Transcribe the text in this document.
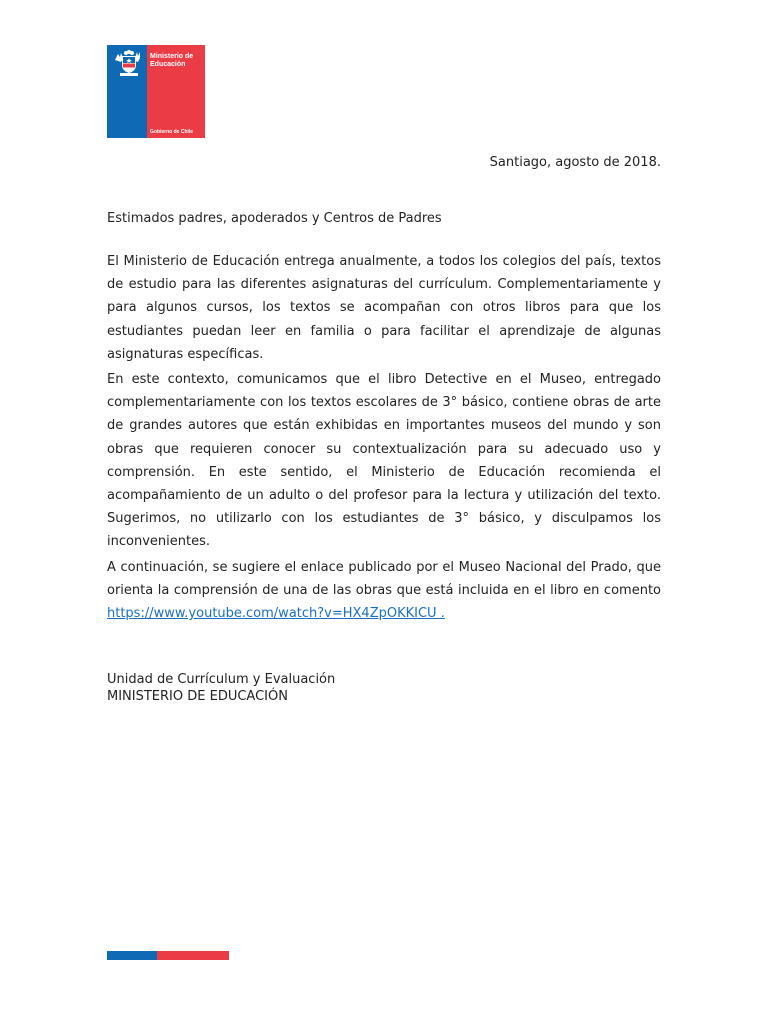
Ministerio de
Educación
Gobierno de Chile
Santiago, agosto de 2018.
Estimados padres, apoderados y Centros de Padres

El Ministerio de Educación entrega anualmente, a todos los colegios del país, textos de estudio para las diferentes asignaturas del currículum. Complementariamente y para algunos cursos, los textos se acompañan con otros libros para que los estudiantes puedan leer en familia o para facilitar el aprendizaje de algunas asignaturas específicas.

En este contexto, comunicamos que el libro Detective en el Museo, entregado complementariamente con los textos escolares de 3° básico, contiene obras de arte de grandes autores que están exhibidas en importantes museos del mundo y son obras que requieren conocer su contextualización para su adecuado uso y comprensión. En este sentido, el Ministerio de Educación recomienda el acompañamiento de un adulto o del profesor para la lectura y utilización del texto. Sugerimos, no utilizarlo con los estudiantes de 3° básico, y disculpamos los inconvenientes.

A continuación, se sugiere el enlace publicado por el Museo Nacional del Prado, que orienta la comprensión de una de las obras que está incluida en el libro en comento https://www.youtube.com/watch?v=HX4ZpOKKICU .

Unidad de Currículum y Evaluación
MINISTERIO DE EDUCACIÓN
